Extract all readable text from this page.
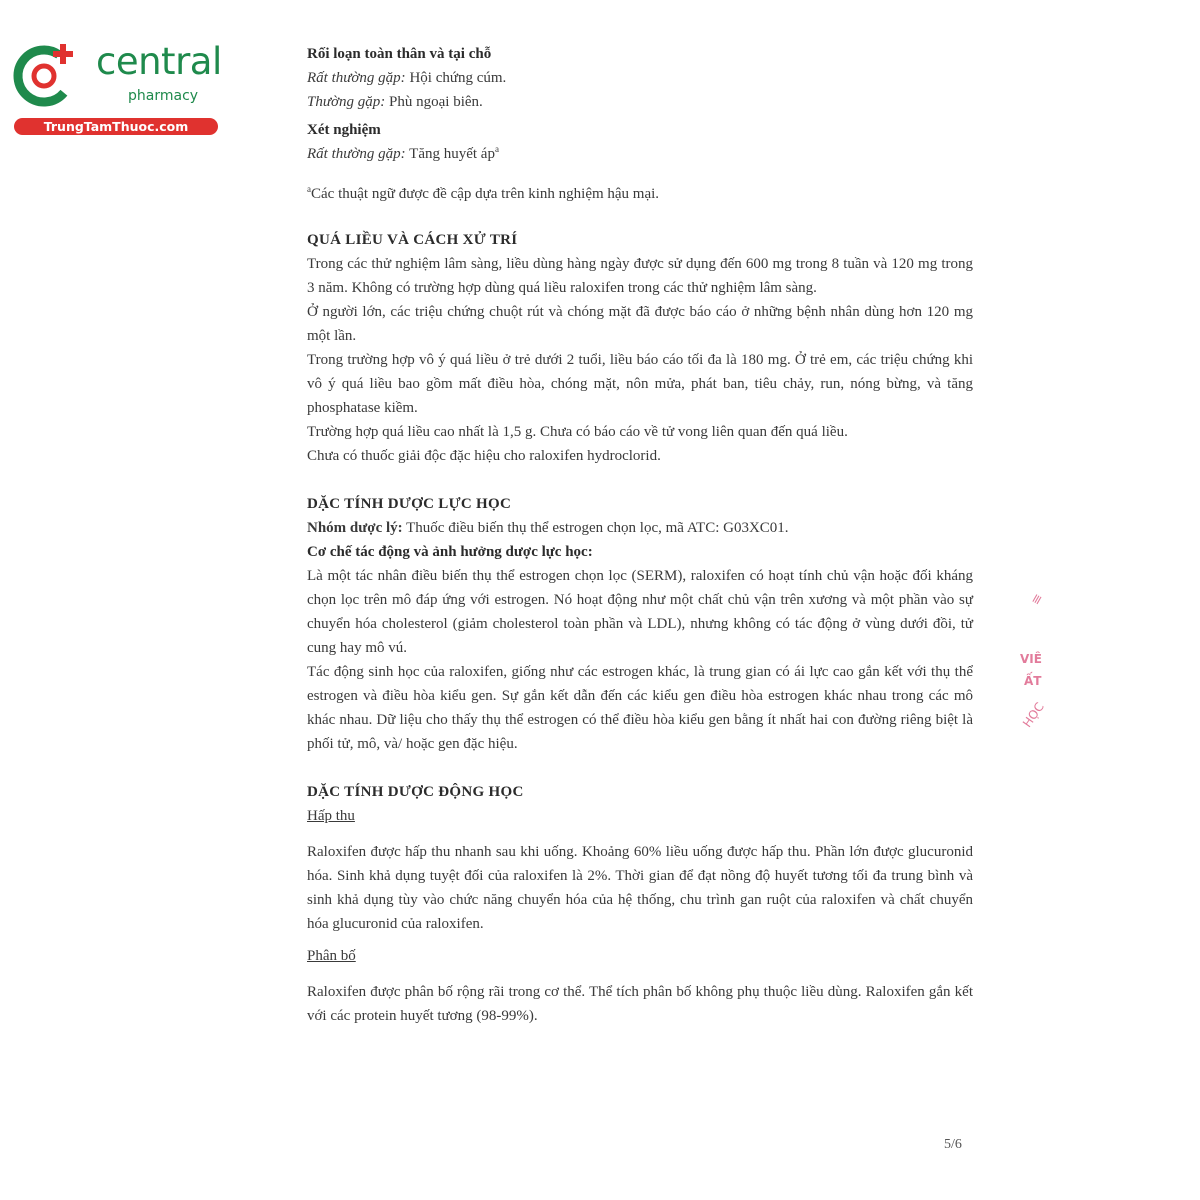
central
pharmacy
TrungTamThuoc.com

Rối loạn toàn thân và tại chỗ

Rất thường gặp: Hội chứng cúm.

Thường gặp: Phù ngoại biên.

Xét nghiệm

Rất thường gặp: Tăng huyết $áp^a$

$^a$Các thuật ngữ được đề cập dựa trên kinh nghiệm hậu mại.

QUÁ LIỀU VÀ CÁCH XỬ TRÍ

Trong các thử nghiệm lâm sàng, liều dùng hàng ngày được sử dụng đến 600 mg trong 8 tuần và 120 mg trong 3 năm. Không có trường hợp dùng quá liều raloxifen trong các thử nghiệm lâm sàng.

Ở người lớn, các triệu chứng chuột rút và chóng mặt đã được báo cáo ở những bệnh nhân dùng hơn 120 mg một lần.

Trong trường hợp vô ý quá liều ở trẻ dưới 2 tuổi, liều báo cáo tối đa là 180 mg. Ở trẻ em, các triệu chứng khi vô ý quá liều bao gồm mất điều hòa, chóng mặt, nôn mửa, phát ban, tiêu chảy, run, nóng bừng, và tăng phosphatase kiềm.

Trường hợp quá liều cao nhất là 1,5 g. Chưa có báo cáo về tử vong liên quan đến quá liều.

Chưa có thuốc giải độc đặc hiệu cho raloxifen hydroclorid.

DẶC TÍNH DƯỢC LỰC HỌC

Nhóm dược lý: Thuốc điều biến thụ thể estrogen chọn lọc, mã ATC: G03XC01.

Cơ chế tác động và ảnh hưởng dược lực học:

Là một tác nhân điều biến thụ thể estrogen chọn lọc (SERM), raloxifen có hoạt tính chủ vận hoặc đối kháng chọn lọc trên mô đáp ứng với estrogen. Nó hoạt động như một chất chủ vận trên xương và một phần vào sự chuyển hóa cholesterol (giảm cholesterol toàn phần và LDL), nhưng không có tác động ở vùng dưới đồi, tử cung hay mô vú.

Tác động sinh học của raloxifen, giống như các estrogen khác, là trung gian có ái lực cao gắn kết với thụ thể estrogen và điều hòa kiểu gen. Sự gắn kết dẫn đến các kiểu gen điều hòa estrogen khác nhau trong các mô khác nhau. Dữ liệu cho thấy thụ thể estrogen có thể điều hòa kiểu gen bằng ít nhất hai con đường riêng biệt là phối tử, mô, và/ hoặc gen đặc hiệu.

DẶC TÍNH DƯỢC ĐỘNG HỌC

Hấp thu

Raloxifen được hấp thu nhanh sau khi uống. Khoảng 60% liều uống được hấp thu. Phần lớn được glucuronid hóa. Sinh khả dụng tuyệt đối của raloxifen là 2%. Thời gian để đạt nồng độ huyết tương tối đa trung bình và sinh khả dụng tùy vào chức năng chuyển hóa của hệ thống, chu trình gan ruột của raloxifen và chất chuyển hóa glucuronid của raloxifen.

Phân bố

Raloxifen được phân bố rộng rãi trong cơ thể. Thể tích phân bố không phụ thuộc liều dùng. Raloxifen gắn kết với các protein huyết tương (98-99%).

5/6
≡
VIÊ
ẤT
HỌC
